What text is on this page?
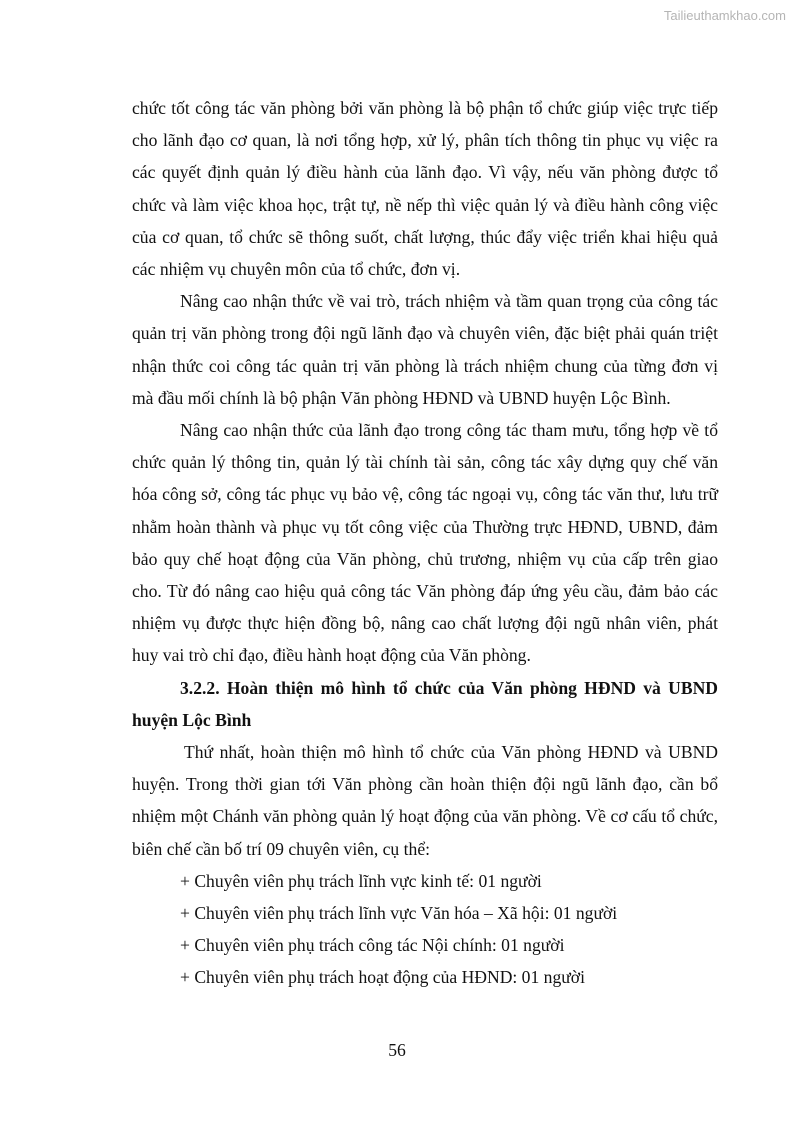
Tailieuthamkhao.com

chức tốt công tác văn phòng bởi văn phòng là bộ phận tổ chức giúp việc trực tiếp cho lãnh đạo cơ quan, là nơi tổng hợp, xử lý, phân tích thông tin phục vụ việc ra các quyết định quản lý điều hành của lãnh đạo. Vì vậy, nếu văn phòng được tổ chức và làm việc khoa học, trật tự, nề nếp thì việc quản lý và điều hành công việc của cơ quan, tổ chức sẽ thông suốt, chất lượng, thúc đẩy việc triển khai hiệu quả các nhiệm vụ chuyên môn của tổ chức, đơn vị.

Nâng cao nhận thức về vai trò, trách nhiệm và tầm quan trọng của công tác quản trị văn phòng trong đội ngũ lãnh đạo và chuyên viên, đặc biệt phải quán triệt nhận thức coi công tác quản trị văn phòng là trách nhiệm chung của từng đơn vị mà đầu mối chính là bộ phận Văn phòng HĐND và UBND huyện Lộc Bình.

Nâng cao nhận thức của lãnh đạo trong công tác tham mưu, tổng hợp về tổ chức quản lý thông tin, quản lý tài chính tài sản, công tác xây dựng quy chế văn hóa công sở, công tác phục vụ bảo vệ, công tác ngoại vụ, công tác văn thư, lưu trữ nhằm hoàn thành và phục vụ tốt công việc của Thường trực HĐND, UBND, đảm bảo quy chế hoạt động của Văn phòng, chủ trương, nhiệm vụ của cấp trên giao cho. Từ đó nâng cao hiệu quả công tác Văn phòng đáp ứng yêu cầu, đảm bảo các nhiệm vụ được thực hiện đồng bộ, nâng cao chất lượng đội ngũ nhân viên, phát huy vai trò chỉ đạo, điều hành hoạt động của Văn phòng.

3.2.2. Hoàn thiện mô hình tổ chức của Văn phòng HĐND và UBND huyện Lộc Bình

Thứ nhất, hoàn thiện mô hình tổ chức của Văn phòng HĐND và UBND huyện. Trong thời gian tới Văn phòng cần hoàn thiện đội ngũ lãnh đạo, cần bổ nhiệm một Chánh văn phòng quản lý hoạt động của văn phòng. Về cơ cấu tổ chức, biên chế cần bố trí 09 chuyên viên, cụ thể:

+ Chuyên viên phụ trách lĩnh vực kinh tế: 01 người
+ Chuyên viên phụ trách lĩnh vực Văn hóa – Xã hội: 01 người
+ Chuyên viên phụ trách công tác Nội chính: 01 người
+ Chuyên viên phụ trách hoạt động của HĐND: 01 người
56
